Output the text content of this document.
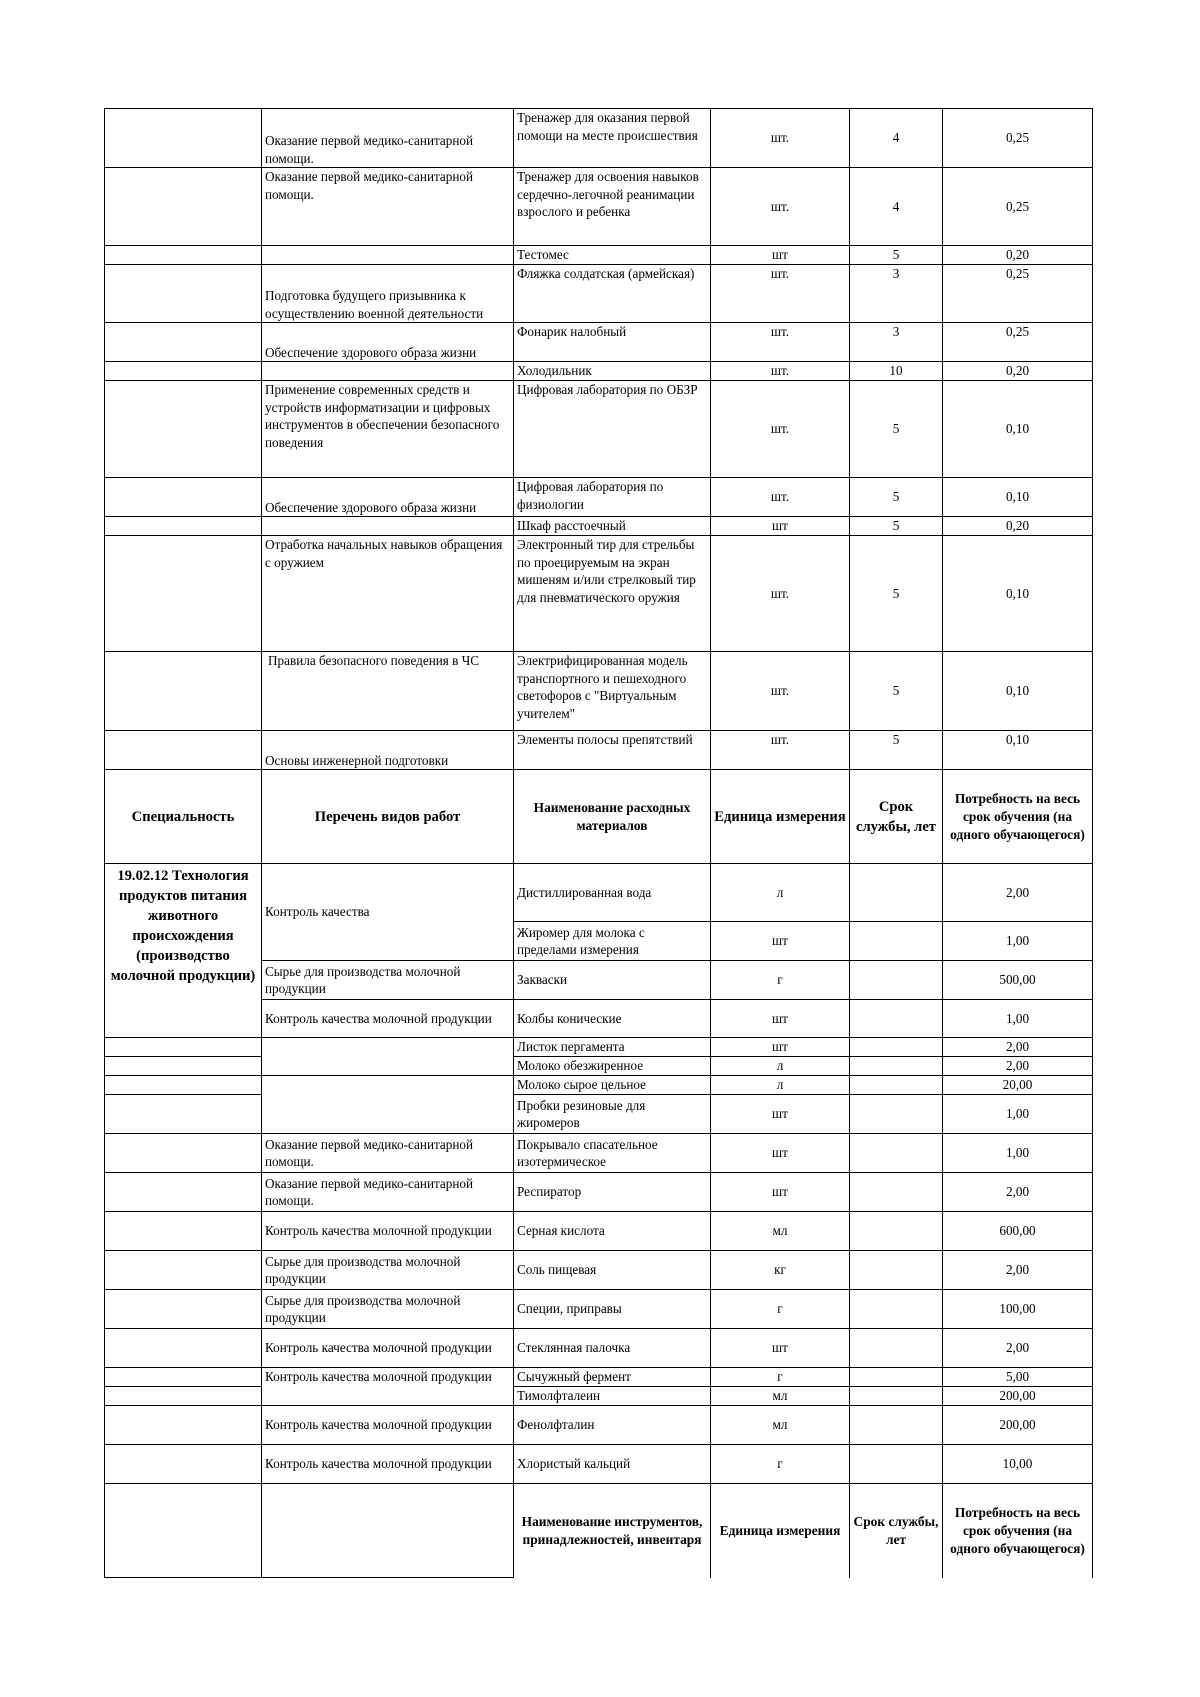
	Оказание первой медико-санитарной помощи.	Тренажер для оказания первой помощи на месте происшествия	шт.	4	0,25
	Оказание первой медико-санитарной помощи.	Тренажер для освоения навыков сердечно-легочной реанимации взрослого и ребенка	шт.	4	0,25
		Тестомес	шт	5	0,20
	Подготовка будущего призывника к осуществлению военной деятельности	Фляжка солдатская (армейская)	шт.	3	0,25
	Обеспечение здорового образа жизни	Фонарик налобный	шт.	3	0,25
		Холодильник	шт.	10	0,20
	Применение современных средств и устройств информатизации и цифровых инструментов в обеспечении безопасного поведения	Цифровая лаборатория по ОБЗР	шт.	5	0,10
	Обеспечение здорового образа жизни	Цифровая лаборатория по физиологии	шт.	5	0,10
		Шкаф расстоечный	шт	5	0,20
	Отработка начальных навыков обращения с оружием	Электронный тир для стрельбы по проецируемым на экран мишеням и/или стрелковый тир для пневматического оружия	шт.	5	0,10
	Правила безопасного поведения в ЧС	Электрифицированная модель транспортного и пешеходного светофоров с "Виртуальным учителем"	шт.	5	0,10
	Основы инженерной подготовки	Элементы полосы препятствий	шт.	5	0,10
Специальность	Перечень видов работ	Наименование расходных материалов	Единица измерения	Срок службы, лет	Потребность на весь срок обучения (на одного обучающегося)
19.02.12 Технология продуктов питания животного происхождения (производство молочной продукции)	Контроль качества	Дистиллированная вода	л		2,00
		Жиромер для молока с пределами измерения	шт		1,00
	Сырье для производства молочной продукции	Закваски	г		500,00
	Контроль качества молочной продукции	Колбы конические	шт		1,00
		Листок пергамента	шт		2,00
		Молоко обезжиренное	л		2,00
		Молоко сырое цельное	л		20,00
		Пробки резиновые для жиромеров	шт		1,00
	Оказание первой медико-санитарной помощи.	Покрывало спасательное изотермическое	шт		1,00
	Оказание первой медико-санитарной помощи.	Респиратор	шт		2,00
	Контроль качества молочной продукции	Серная кислота	мл		600,00
	Сырье для производства молочной продукции	Соль пищевая	кг		2,00
	Сырье для производства молочной продукции	Специи, приправы	г		100,00
	Контроль качества молочной продукции	Стеклянная палочка	шт		2,00
	Контроль качества молочной продукции	Сычужный фермент	г		5,00
		Тимолфталеин	мл		200,00
	Контроль качества молочной продукции	Фенолфталин	мл		200,00
	Контроль качества молочной продукции	Хлористый кальций	г		10,00
		Наименование инструментов, принадлежностей, инвентаря	Единица измерения	Срок службы, лет	Потребность на весь срок обучения (на одного обучающегося)
